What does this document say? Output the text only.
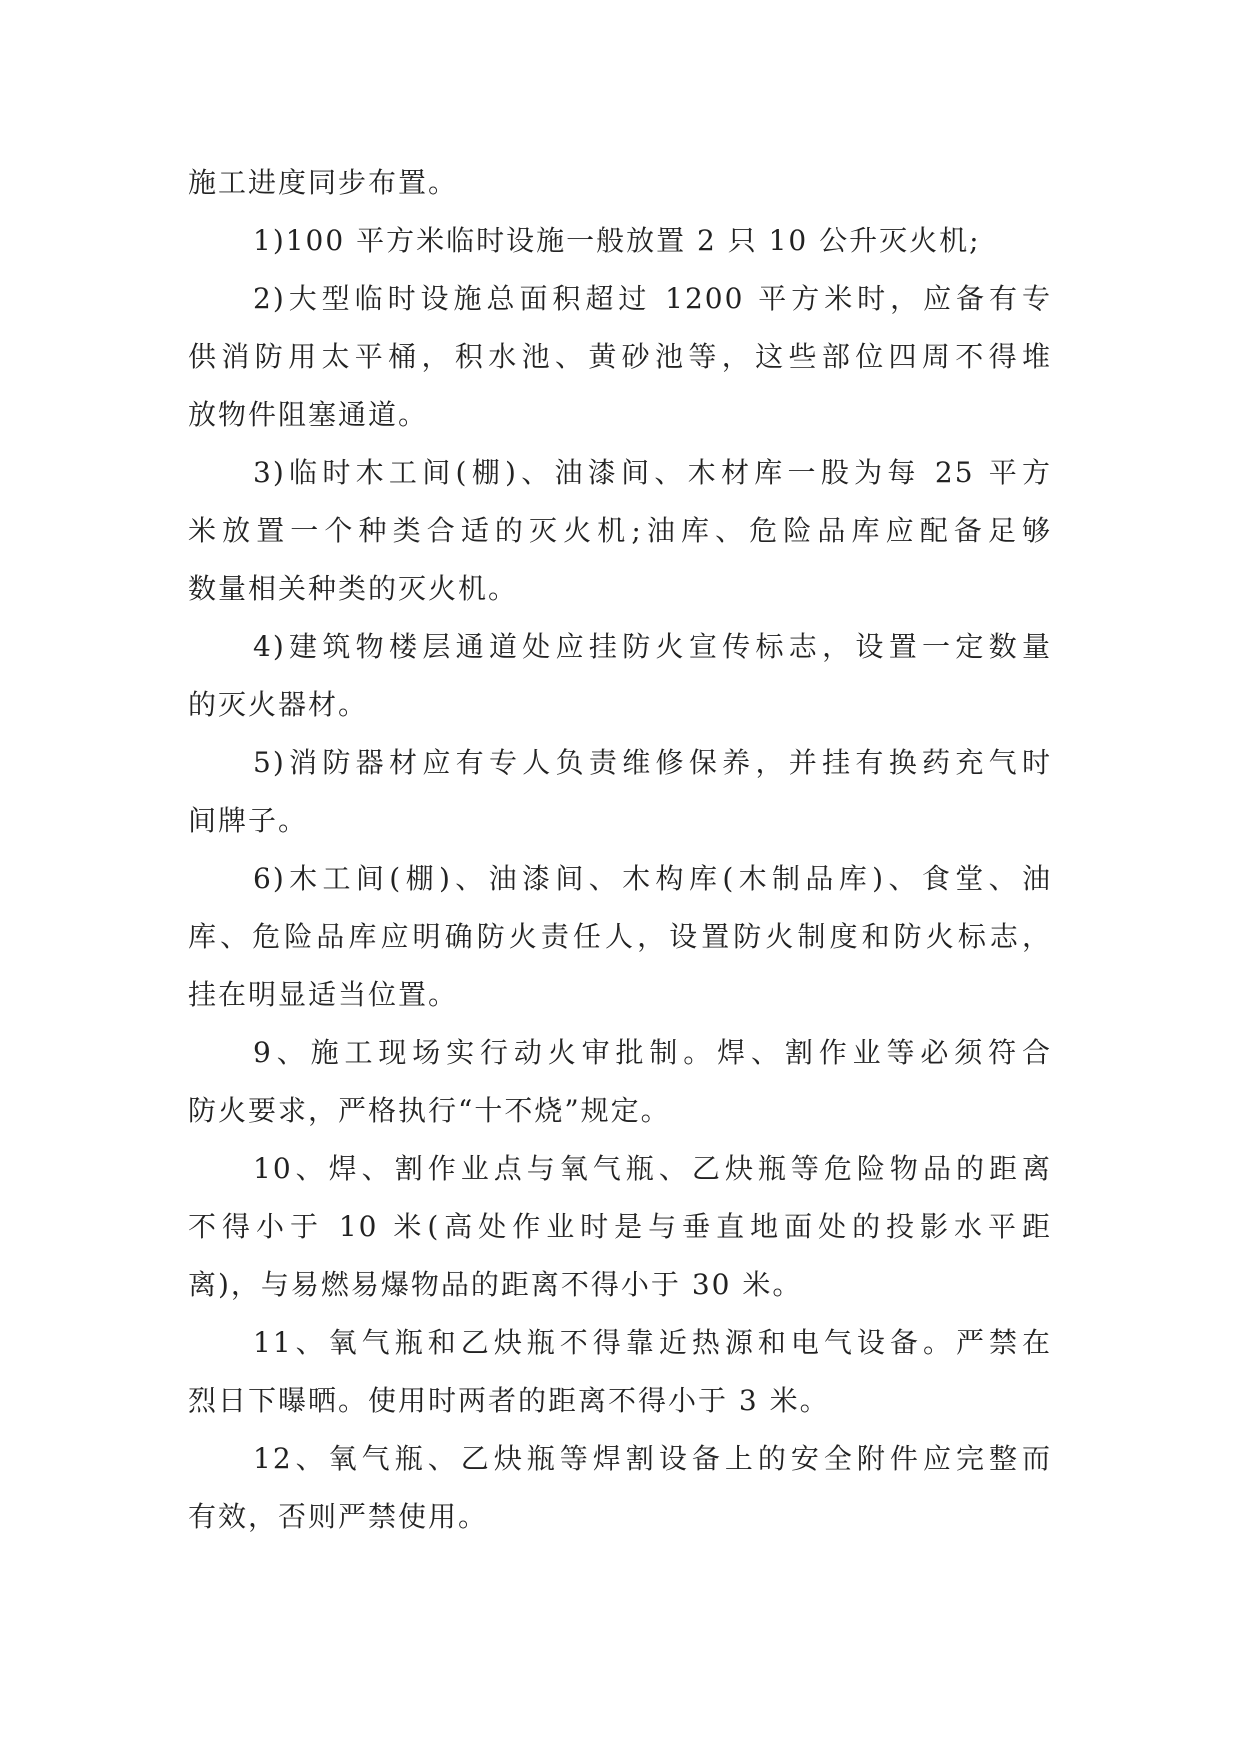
施工进度同步布置。
1)100 平方米临时设施一般放置 2 只 10 公升灭火机;
2)大型临时设施总面积超过 1200 平方米时，应备有专
供消防用太平桶，积水池、黄砂池等，这些部位四周不得堆
放物件阻塞通道。
3)临时木工间(棚)、油漆间、木材库一股为每 25 平方
米放置一个种类合适的灭火机;油库、危险品库应配备足够
数量相关种类的灭火机。
4)建筑物楼层通道处应挂防火宣传标志，设置一定数量
的灭火器材。
5)消防器材应有专人负责维修保养，并挂有换药充气时
间牌子。
6)木工间(棚)、油漆间、木构库(木制品库)、食堂、油
库、危险品库应明确防火责任人，设置防火制度和防火标志，
挂在明显适当位置。
9、施工现场实行动火审批制。焊、割作业等必须符合
防火要求，严格执行“十不烧”规定。
10、焊、割作业点与氧气瓶、乙炔瓶等危险物品的距离
不得小于 10 米(高处作业时是与垂直地面处的投影水平距
离)，与易燃易爆物品的距离不得小于 30 米。
11、氧气瓶和乙炔瓶不得靠近热源和电气设备。严禁在
烈日下曝晒。使用时两者的距离不得小于 3 米。
12、氧气瓶、乙炔瓶等焊割设备上的安全附件应完整而
有效，否则严禁使用。
